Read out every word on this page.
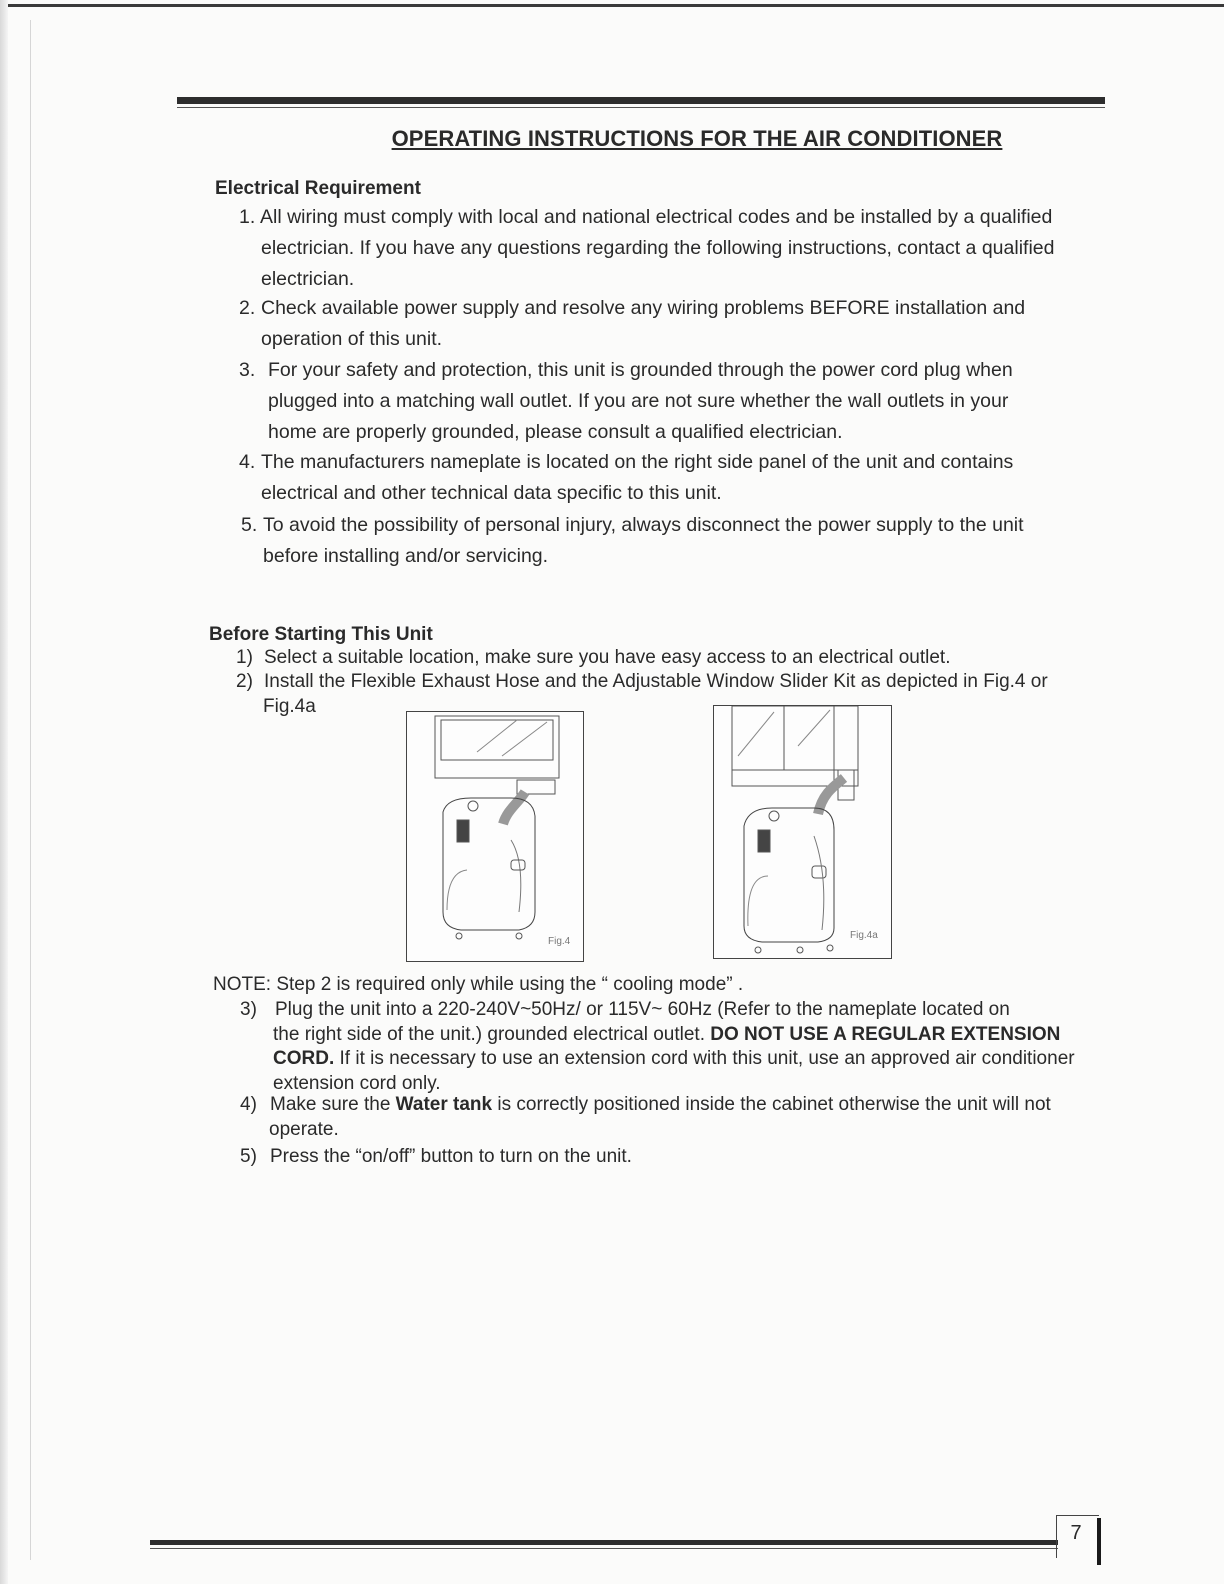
OPERATING INSTRUCTIONS FOR THE AIR CONDITIONER
Electrical Requirement
1. All wiring must comply with local and national electrical codes and be installed by a qualified
electrician. If you have any questions regarding the following instructions, contact a qualified
electrician.
2. Check available power supply and resolve any wiring problems BEFORE installation and
operation of this unit.
3. For your safety and protection, this unit is grounded through the power cord plug when
plugged into a matching wall outlet. If you are not sure whether the wall outlets in your
home are properly grounded, please consult a qualified electrician.
4. The manufacturers nameplate is located on the right side panel of the unit and contains
electrical and other technical data specific to this unit.
5. To avoid the possibility of personal injury, always disconnect the power supply to the unit
before installing and/or servicing.
Before Starting This Unit
1) Select a suitable location, make sure you have easy access to an electrical outlet.
2) Install the Flexible Exhaust Hose and the Adjustable Window Slider Kit as depicted in Fig.4 or
Fig.4a
Fig.4
Fig.4a
NOTE: Step 2 is required only while using the “ cooling mode” .
3) Plug the unit into a 220-240V~50Hz/ or 115V~ 60Hz (Refer to the nameplate located on
the right side of the unit.) grounded electrical outlet. DO NOT USE A REGULAR EXTENSION
CORD. If it is necessary to use an extension cord with this unit, use an approved air conditioner
extension cord only.
4) Make sure the Water tank is correctly positioned inside the cabinet otherwise the unit will not
operate.
5) Press the “on/off” button to turn on the unit.
7
